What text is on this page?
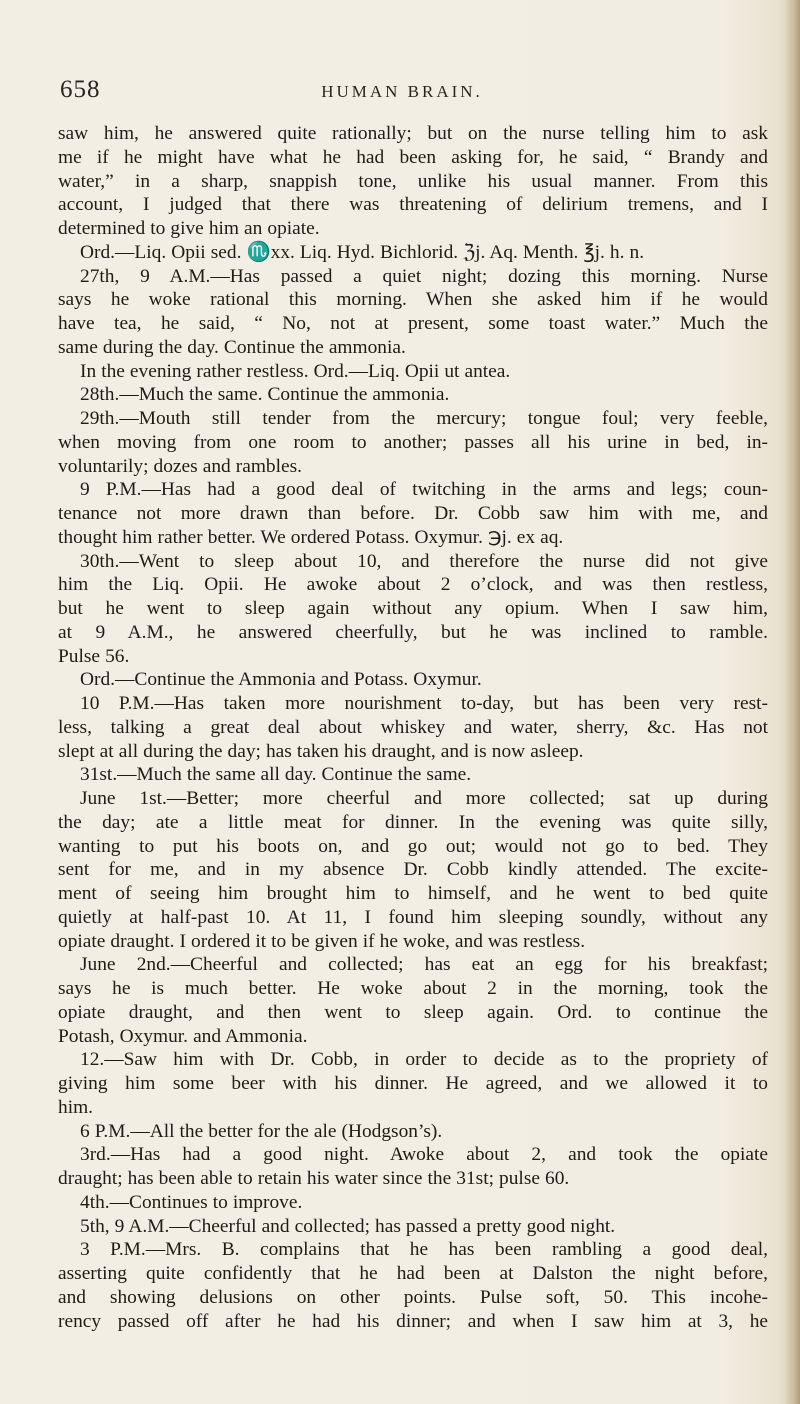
658	HUMAN BRAIN.
saw him, he answered quite rationally; but on the nurse telling him to ask
me if he might have what he had been asking for, he said, “ Brandy and
water,” in a sharp, snappish tone, unlike his usual manner. From this
account, I judged that there was threatening of delirium tremens, and I
determined to give him an opiate.
Ord.—Liq. Opii sed. ♏xx. Liq. Hyd. Bichlorid. ℨj. Aq. Menth. ℥j. h. n.
27th, 9 A.M.—Has passed a quiet night; dozing this morning. Nurse
says he woke rational this morning. When she asked him if he would
have tea, he said, “ No, not at present, some toast water.” Much the
same during the day. Continue the ammonia.
In the evening rather restless. Ord.—Liq. Opii ut antea.
28th.—Much the same. Continue the ammonia.
29th.—Mouth still tender from the mercury; tongue foul; very feeble,
when moving from one room to another; passes all his urine in bed, in-
voluntarily; dozes and rambles.
9 P.M.—Has had a good deal of twitching in the arms and legs; coun-
tenance not more drawn than before. Dr. Cobb saw him with me, and
thought him rather better. We ordered Potass. Oxymur. ℈j. ex aq.
30th.—Went to sleep about 10, and therefore the nurse did not give
him the Liq. Opii. He awoke about 2 o’clock, and was then restless,
but he went to sleep again without any opium. When I saw him,
at 9 A.M., he answered cheerfully, but he was inclined to ramble.
Pulse 56.
Ord.—Continue the Ammonia and Potass. Oxymur.
10 P.M.—Has taken more nourishment to-day, but has been very rest-
less, talking a great deal about whiskey and water, sherry, &c. Has not
slept at all during the day; has taken his draught, and is now asleep.
31st.—Much the same all day. Continue the same.
June 1st.—Better; more cheerful and more collected; sat up during
the day; ate a little meat for dinner. In the evening was quite silly,
wanting to put his boots on, and go out; would not go to bed. They
sent for me, and in my absence Dr. Cobb kindly attended. The excite-
ment of seeing him brought him to himself, and he went to bed quite
quietly at half-past 10. At 11, I found him sleeping soundly, without any
opiate draught. I ordered it to be given if he woke, and was restless.
June 2nd.—Cheerful and collected; has eat an egg for his breakfast;
says he is much better. He woke about 2 in the morning, took the
opiate draught, and then went to sleep again. Ord. to continue the
Potash, Oxymur. and Ammonia.
12.—Saw him with Dr. Cobb, in order to decide as to the propriety of
giving him some beer with his dinner. He agreed, and we allowed it to
him.
6 P.M.—All the better for the ale (Hodgson’s).
3rd.—Has had a good night. Awoke about 2, and took the opiate
draught; has been able to retain his water since the 31st; pulse 60.
4th.—Continues to improve.
5th, 9 A.M.—Cheerful and collected; has passed a pretty good night.
3 P.M.—Mrs. B. complains that he has been rambling a good deal,
asserting quite confidently that he had been at Dalston the night before,
and showing delusions on other points. Pulse soft, 50. This incohe-
rency passed off after he had his dinner; and when I saw him at 3, he
